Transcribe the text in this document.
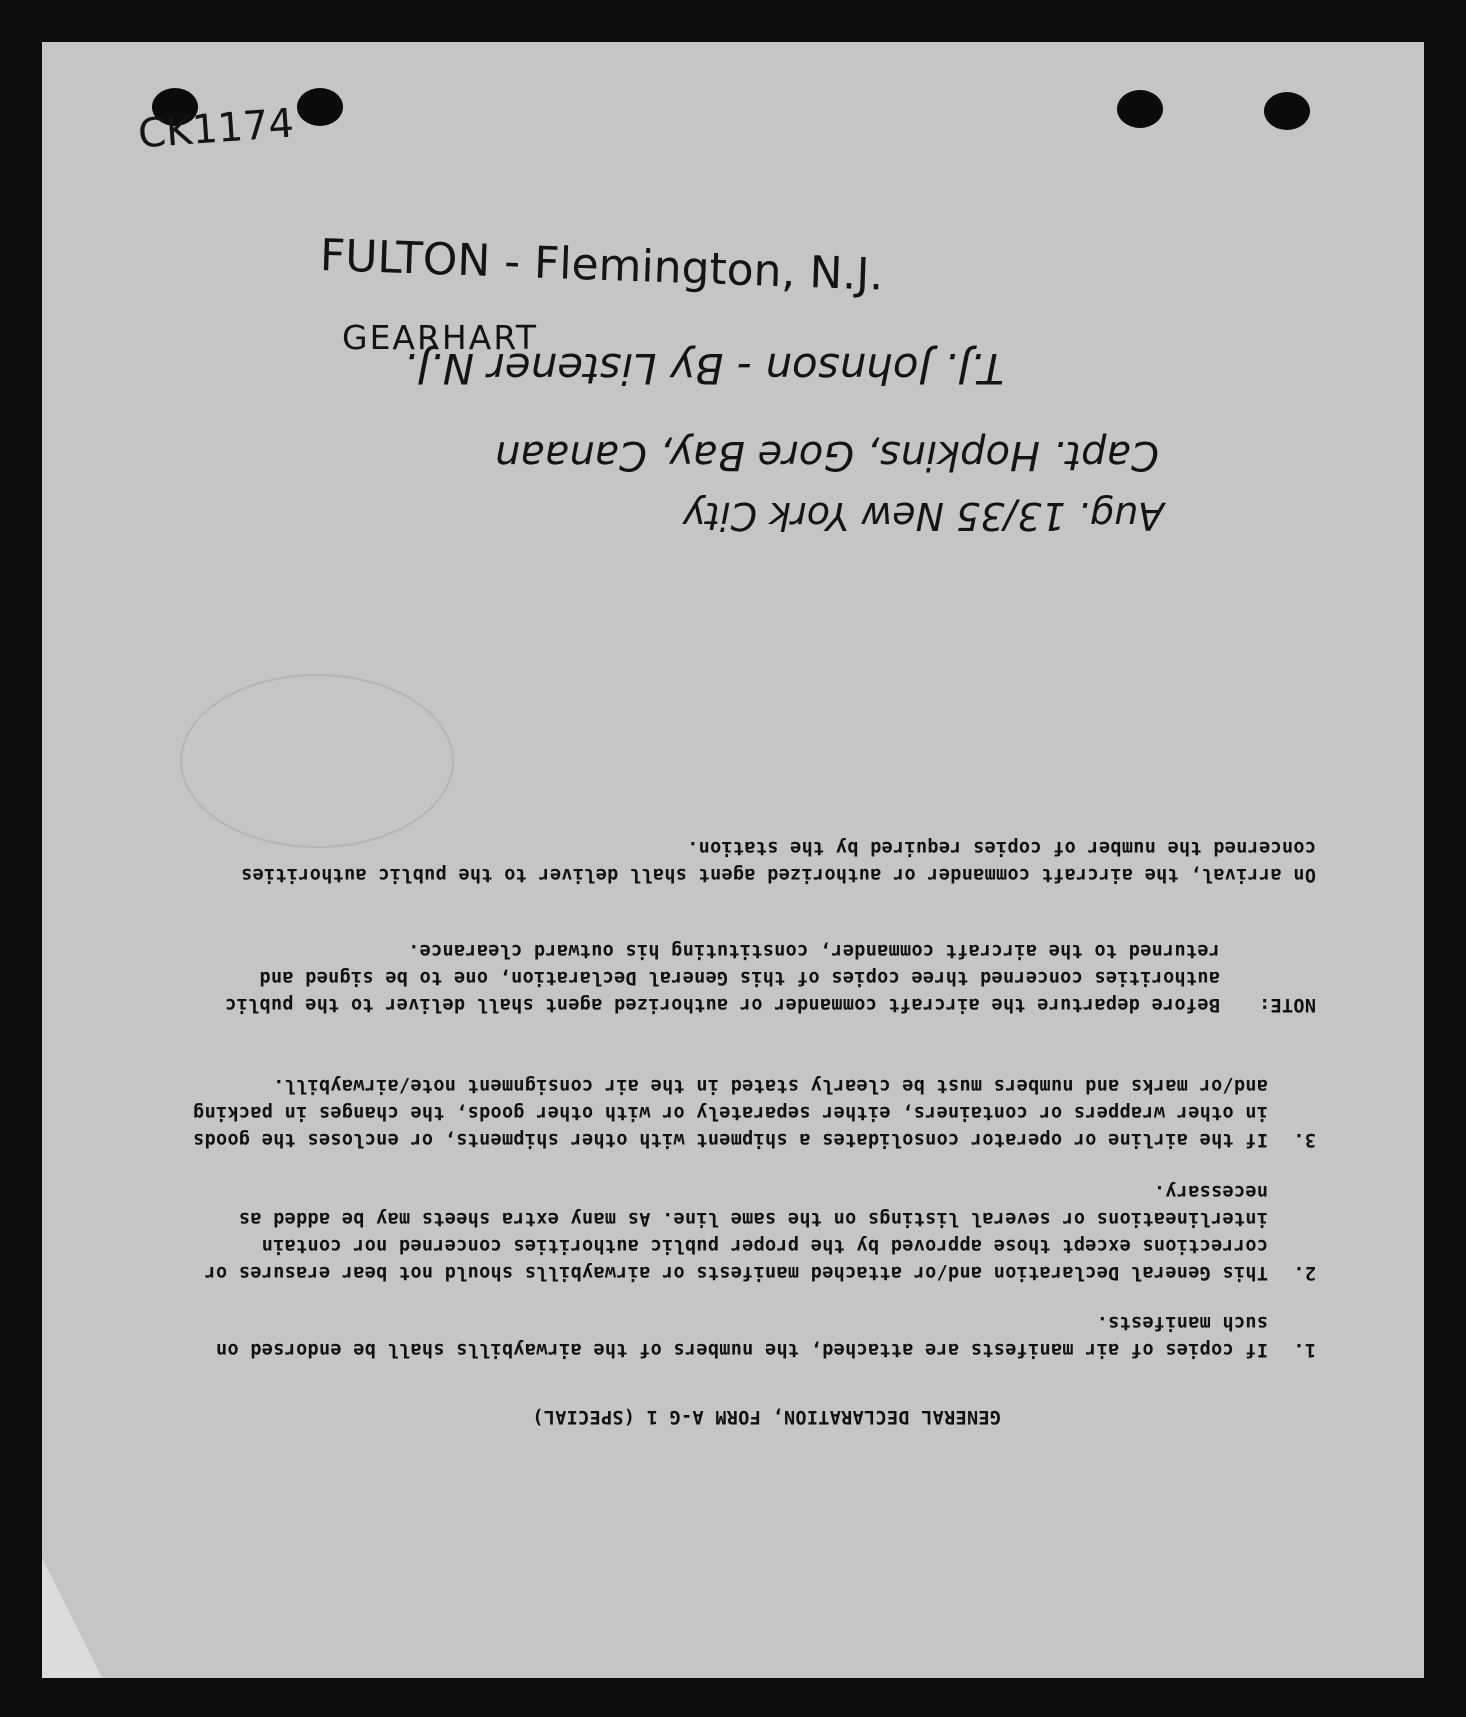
CK1174
FULTON - Flemington, N.J.
GEARHART
T.J. Johnson - By Listener N.J.
Capt. Hopkins, Gore Bay, Canaan
Aug. 13/35 New York City
GENERAL DECLARATION, FORM A-G 1 (SPECIAL)
1.

If copies of air manifests are attached, the numbers of the airwaybills shall be endorsed on such manifests.

2.

This General Declaration and/or attached manifests or airwaybills should not bear erasures or corrections except those approved by the proper public authorities concerned nor contain interlineations or several listings on the same line. As many extra sheets may be added as necessary.

3.

If the airline or operator consolidates a shipment with other shipments, or encloses the goods in other wrappers or containers, either separately or with other goods, the changes in packing and/or marks and numbers must be clearly stated in the air consignment note/airwaybill.

NOTE:

Before departure the aircraft commander or authorized agent shall deliver to the public authorities concerned three copies of this General Declaration, one to be signed and returned to the aircraft commander, constituting his outward clearance.

On arrival, the aircraft commander or authorized agent shall deliver to the public authorities concerned the number of copies required by the station.
